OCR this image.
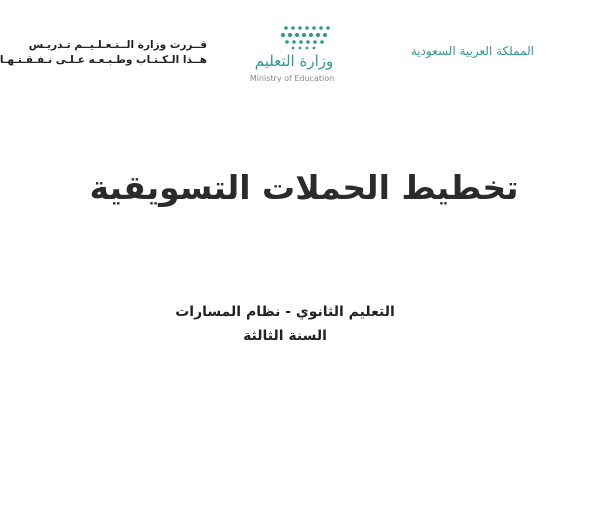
المملكة العربية السعودية
وزارة التعليم
Ministry of Education
قــررت وزارة الــتـعـلـيــم تـدريـس
هــذا الـكـتـاب وطـبـعـه عـلـى نـفـقـتـهـا
تخطيط الحملات التسويقية
التعليم الثانوي - نظام المسارات
السنة الثالثة
